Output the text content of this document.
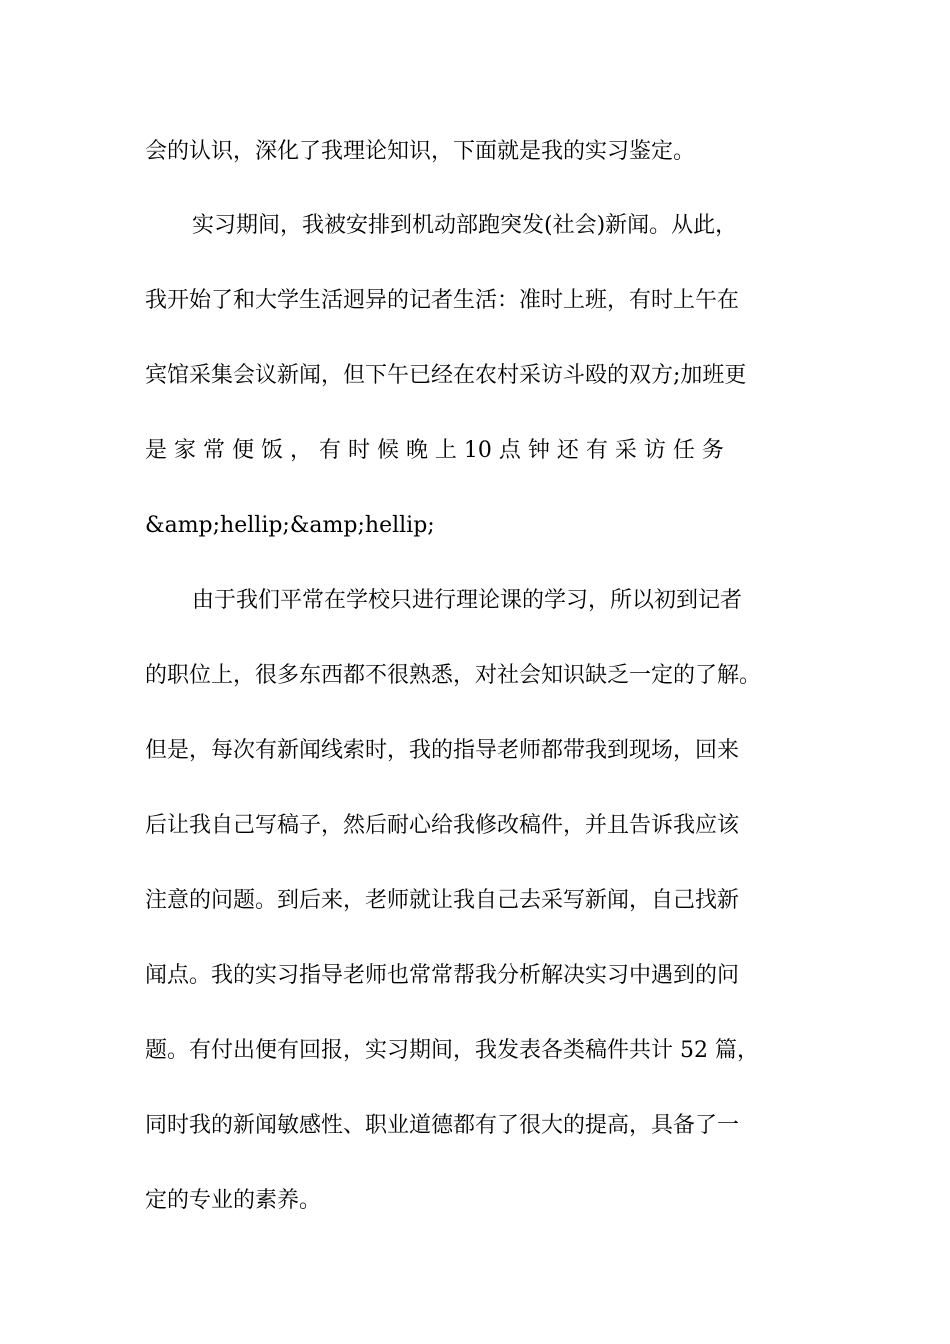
会的认识，深化了我理论知识，下面就是我的实习鉴定。
实习期间，我被安排到机动部跑突发(社会)新闻。从此，
我开始了和大学生活迥异的记者生活：准时上班，有时上午在
宾馆采集会议新闻，但下午已经在农村采访斗殴的双方;加班更
是 家 常 便 饭 ， 有 时 候 晚 上 10 点 钟 还 有 采 访 任 务
&amp;hellip;&amp;hellip;
由于我们平常在学校只进行理论课的学习，所以初到记者
的职位上，很多东西都不很熟悉，对社会知识缺乏一定的了解。
但是，每次有新闻线索时，我的指导老师都带我到现场，回来
后让我自己写稿子，然后耐心给我修改稿件，并且告诉我应该
注意的问题。到后来，老师就让我自己去采写新闻，自己找新
闻点。我的实习指导老师也常常帮我分析解决实习中遇到的问
题。有付出便有回报，实习期间，我发表各类稿件共计 52 篇，
同时我的新闻敏感性、职业道德都有了很大的提高，具备了一
定的专业的素养。
